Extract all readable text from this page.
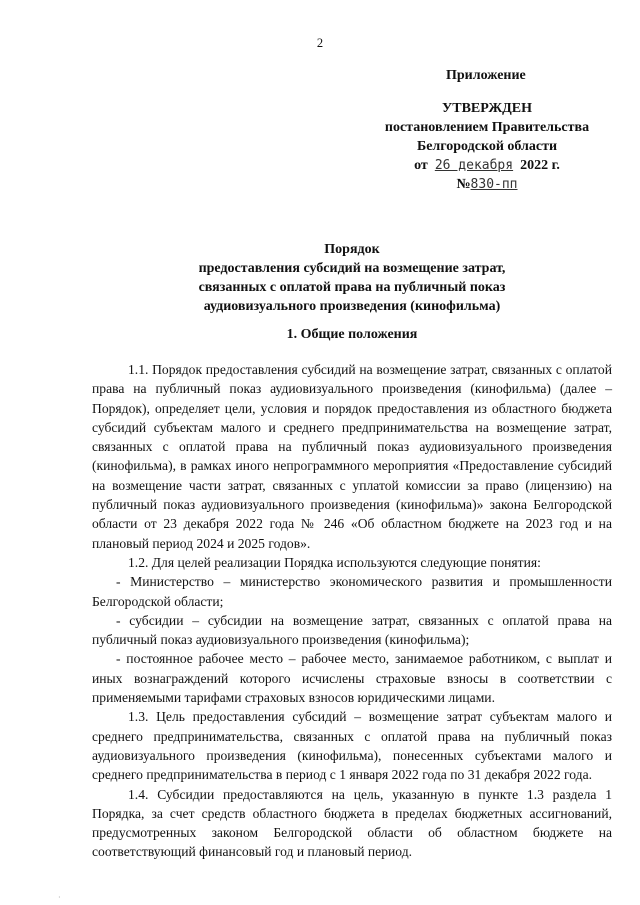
2
Приложение
УТВЕРЖДЕН
постановлением Правительства
Белгородской области
от 26 декабря 2022 г.
№830-пп
Порядок
предоставления субсидий на возмещение затрат,
связанных с оплатой права на публичный показ
аудиовизуального произведения (кинофильма)
1. Общие положения

1.1. Порядок предоставления субсидий на возмещение затрат, связанных с оплатой права на публичный показ аудиовизуального произведения (кинофильма) (далее – Порядок), определяет цели, условия и порядок предоставления из областного бюджета субсидий субъектам малого и среднего предпринимательства на возмещение затрат, связанных с оплатой права на публичный показ аудиовизуального произведения (кинофильма), в рамках иного непрограммного мероприятия «Предоставление субсидий на возмещение части затрат, связанных с уплатой комиссии за право (лицензию) на публичный показ аудиовизуального произведения (кинофильма)» закона Белгородской области от 23 декабря 2022 года № 246 «Об областном бюджете на 2023 год и на плановый период 2024 и 2025 годов».

1.2. Для целей реализации Порядка используются следующие понятия:

- Министерство – министерство экономического развития и промышленности Белгородской области;

- субсидии – субсидии на возмещение затрат, связанных с оплатой права на публичный показ аудиовизуального произведения (кинофильма);

- постоянное рабочее место – рабочее место, занимаемое работником, с выплат и иных вознаграждений которого исчислены страховые взносы в соответствии с применяемыми тарифами страховых взносов юридическими лицами.

1.3. Цель предоставления субсидий – возмещение затрат субъектам малого и среднего предпринимательства, связанных с оплатой права на публичный показ аудиовизуального произведения (кинофильма), понесенных субъектами малого и среднего предпринимательства в период с 1 января 2022 года по 31 декабря 2022 года.

1.4. Субсидии предоставляются на цель, указанную в пункте 1.3 раздела 1 Порядка, за счет средств областного бюджета в пределах бюджетных ассигнований, предусмотренных законом Белгородской области об областном бюджете на соответствующий финансовый год и плановый период.

·
